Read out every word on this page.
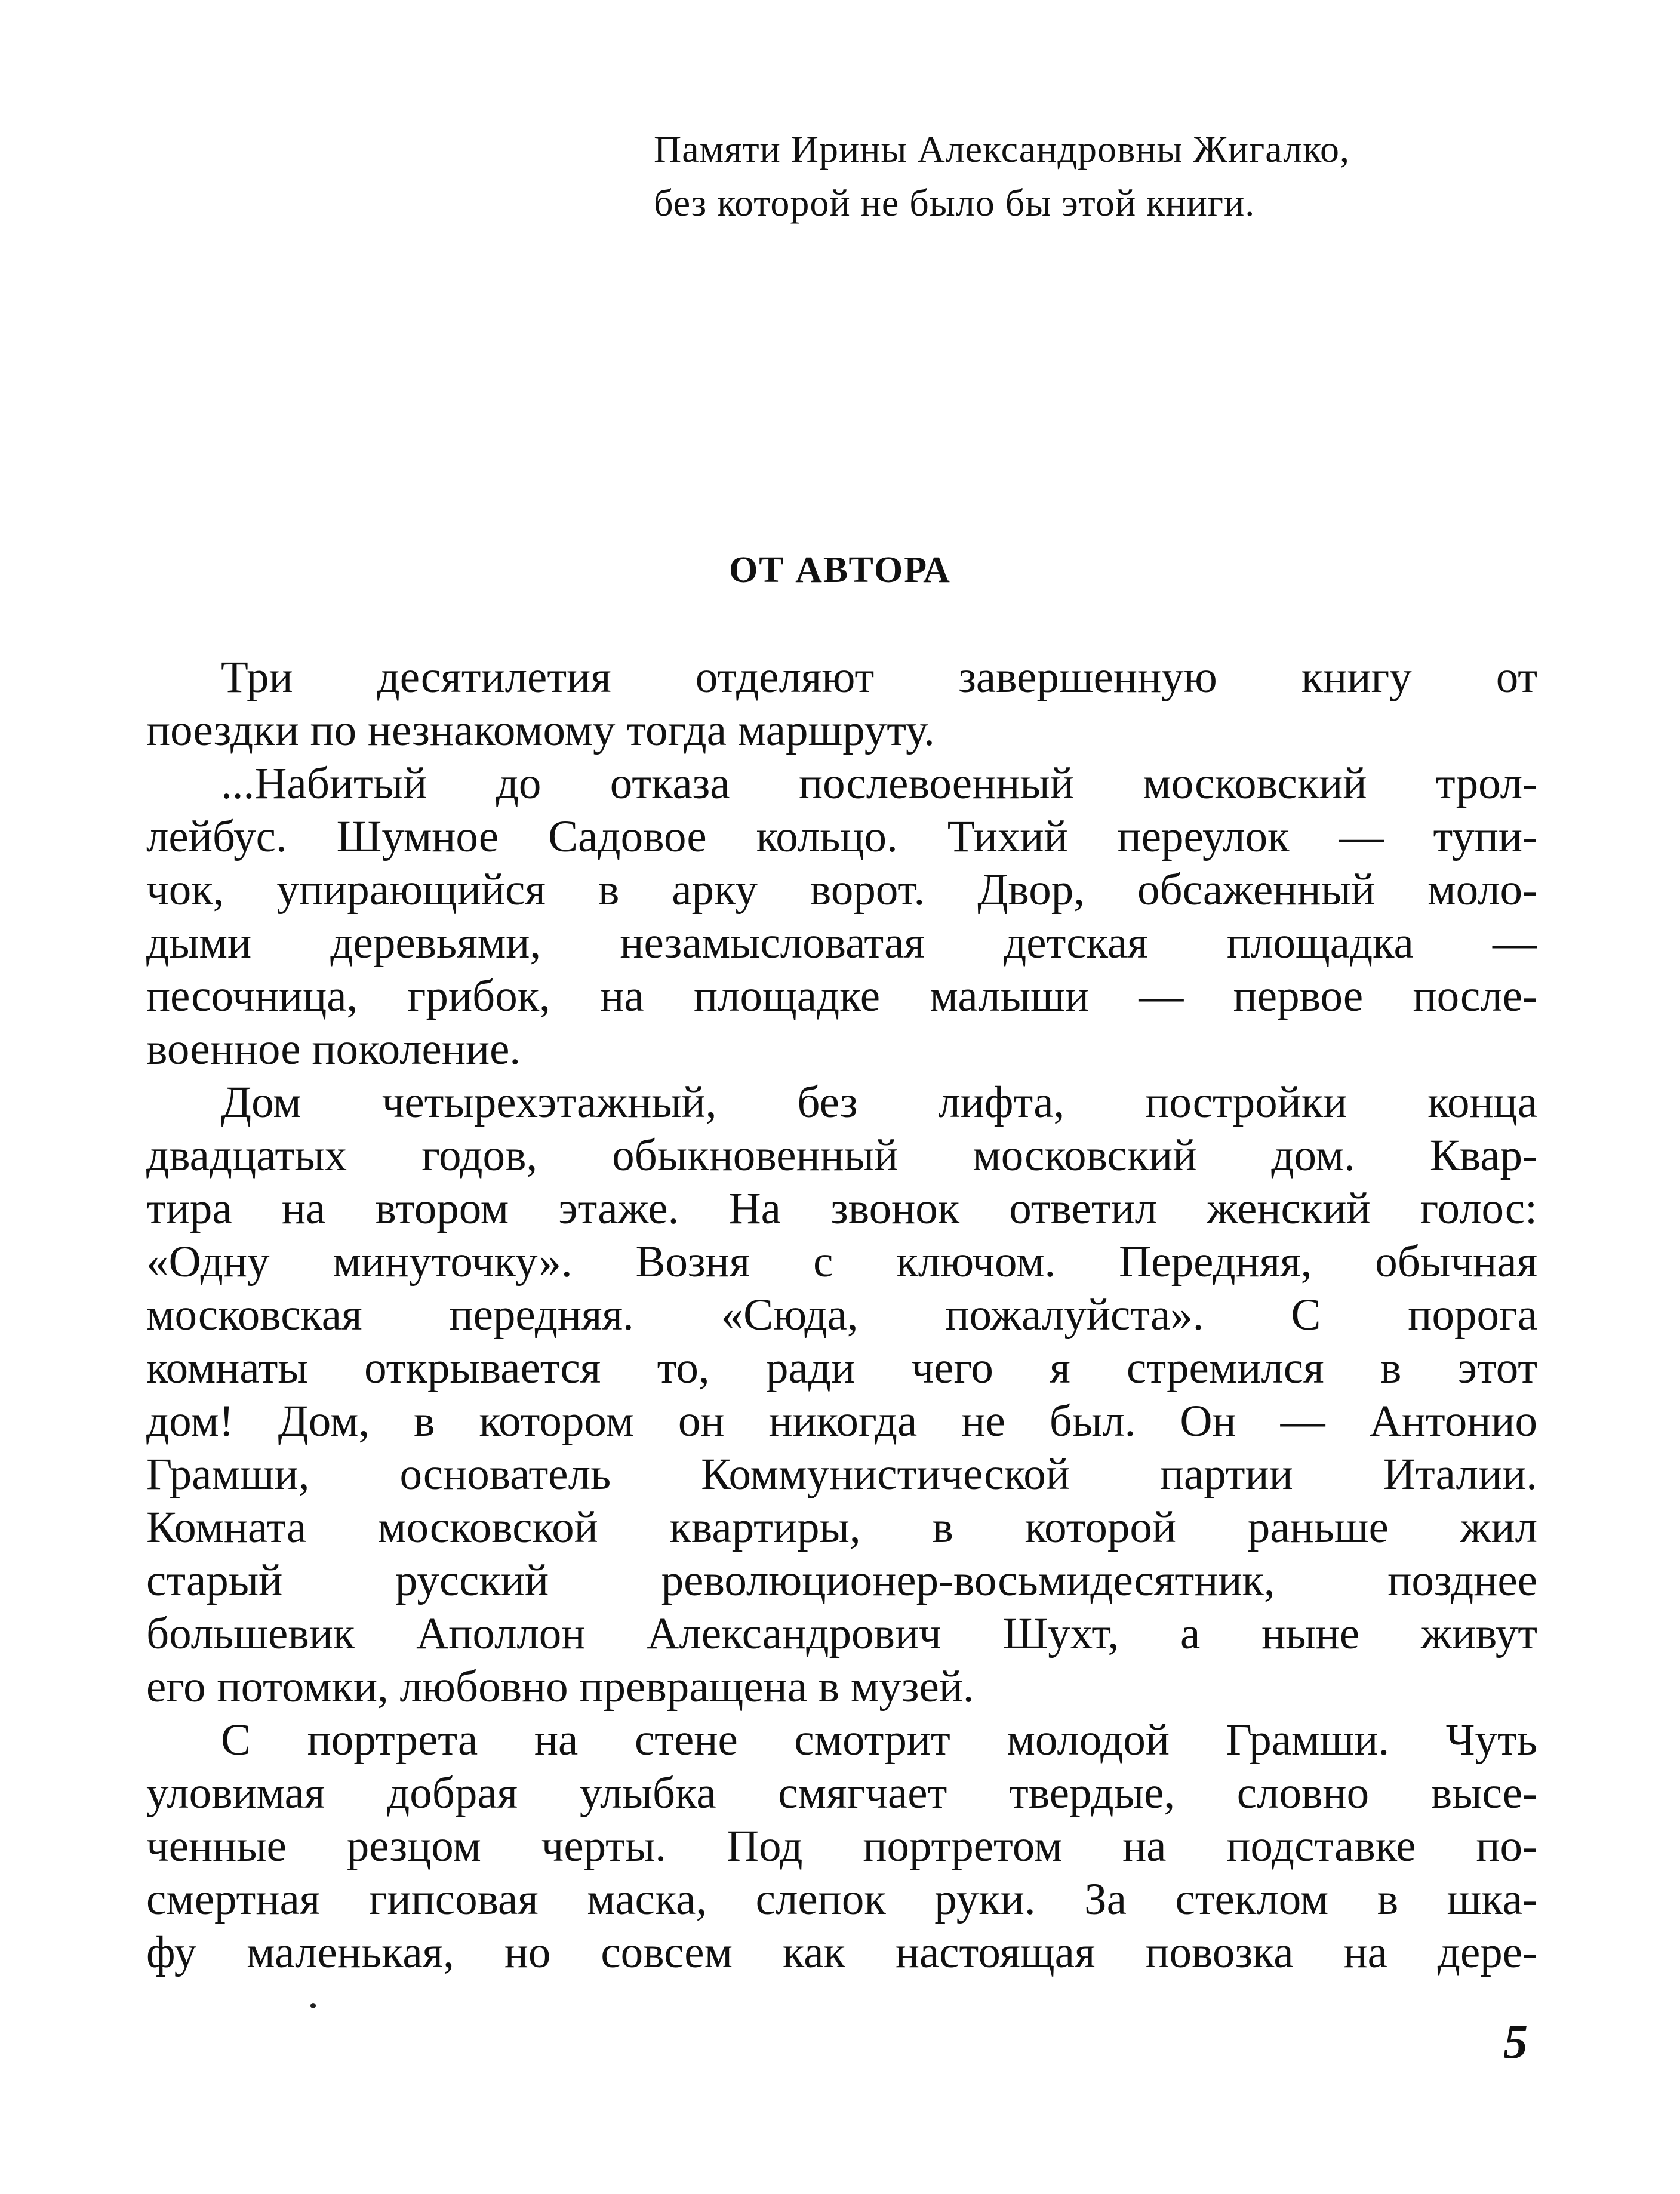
Памяти Ирины Александровны Жигалко,
без которой не было бы этой книги.
ОТ АВТОРА
Три десятилетия отделяют завершенную книгу от
поездки по незнакомому тогда маршруту.
...Набитый до отказа послевоенный московский трол-
лейбус. Шумное Садовое кольцо. Тихий переулок — тупи-
чок, упирающийся в арку ворот. Двор, обсаженный моло-
дыми деревьями, незамысловатая детская площадка —
песочница, грибок, на площадке малыши — первое после-
военное поколение.
Дом четырехэтажный, без лифта, постройки конца
двадцатых годов, обыкновенный московский дом. Квар-
тира на втором этаже. На звонок ответил женский голос:
«Одну минуточку». Возня с ключом. Передняя, обычная
московская передняя. «Сюда, пожалуйста». С порога
комнаты открывается то, ради чего я стремился в этот
дом! Дом, в котором он никогда не был. Он — Антонио
Грамши, основатель Коммунистической партии Италии.
Комната московской квартиры, в которой раньше жил
старый русский революционер-восьмидесятник, позднее
большевик Аполлон Александрович Шухт, а ныне живут
его потомки, любовно превращена в музей.
С портрета на стене смотрит молодой Грамши. Чуть
уловимая добрая улыбка смягчает твердые, словно высе-
ченные резцом черты. Под портретом на подставке по-
смертная гипсовая маска, слепок руки. За стеклом в шка-
фу маленькая, но совсем как настоящая повозка на дере-
5
